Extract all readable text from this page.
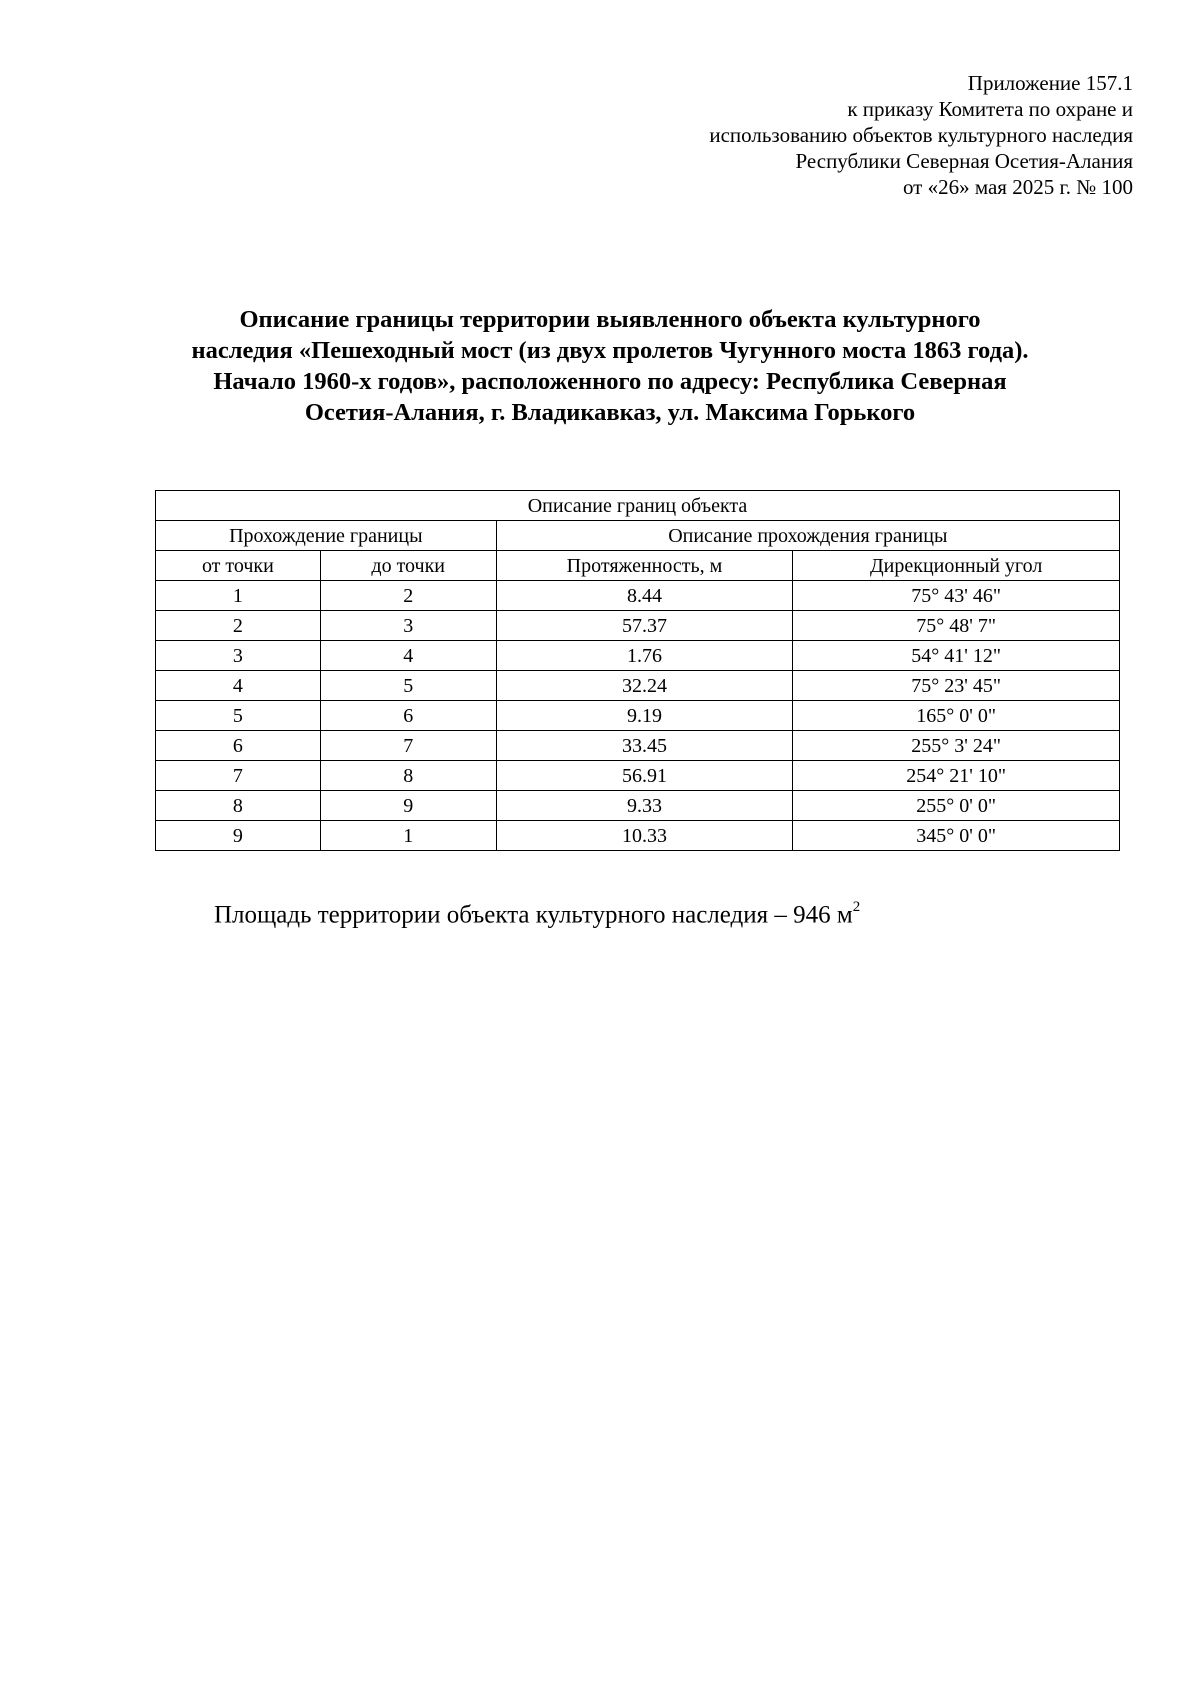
Приложение 157.1
к приказу Комитета по охране и
использованию объектов культурного наследия
Республики Северная Осетия-Алания
от «26» мая 2025 г. № 100
Описание границы территории выявленного объекта культурного
наследия «Пешеходный мост (из двух пролетов Чугунного моста 1863 года).
Начало 1960-х годов», расположенного по адресу: Республика Северная
Осетия-Алания, г. Владикавказ, ул. Максима Горького
Описание границ объекта			
Прохождение границы		Описание прохождения границы	
от точки	до точки	Протяженность, м	Дирекционный угол
1	2	8.44	75° 43' 46"
2	3	57.37	75° 48' 7"
3	4	1.76	54° 41' 12"
4	5	32.24	75° 23' 45"
5	6	9.19	165° 0' 0"
6	7	33.45	255° 3' 24"
7	8	56.91	254° 21' 10"
8	9	9.33	255° 0' 0"
9	1	10.33	345° 0' 0"
Площадь территории объекта культурного наследия – 946 $м^2$
